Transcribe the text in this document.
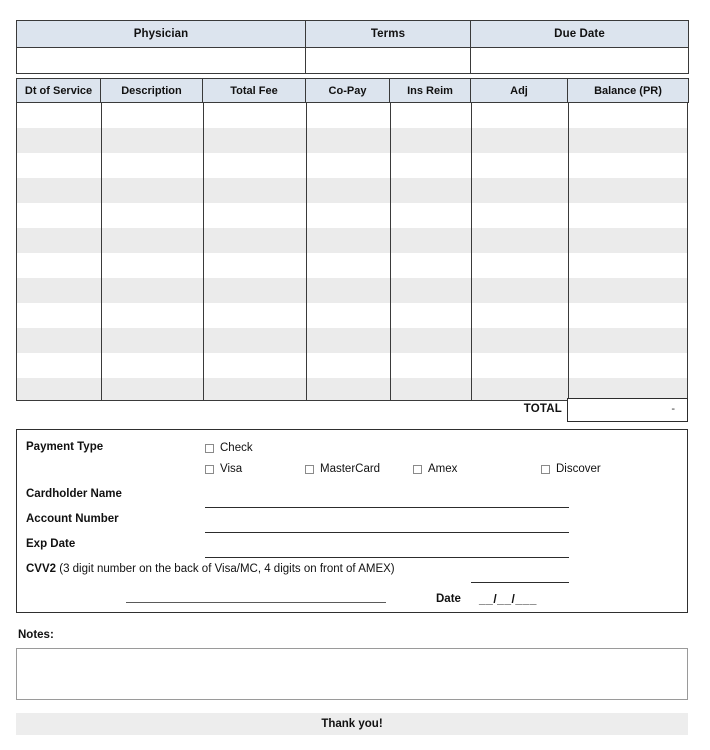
Physician	Terms	Due Date

Dt of Service	Description	Total Fee	Co-Pay	Ins Reim	Adj	Balance (PR)
TOTAL	-
Payment Type	Check
Visa	MasterCard	Amex	Discover
Cardholder Name
Account Number
Exp Date
CVV2 (3 digit number on the back of Visa/MC, 4 digits on front of AMEX)
Date __/__/___
Notes:
Thank you!
